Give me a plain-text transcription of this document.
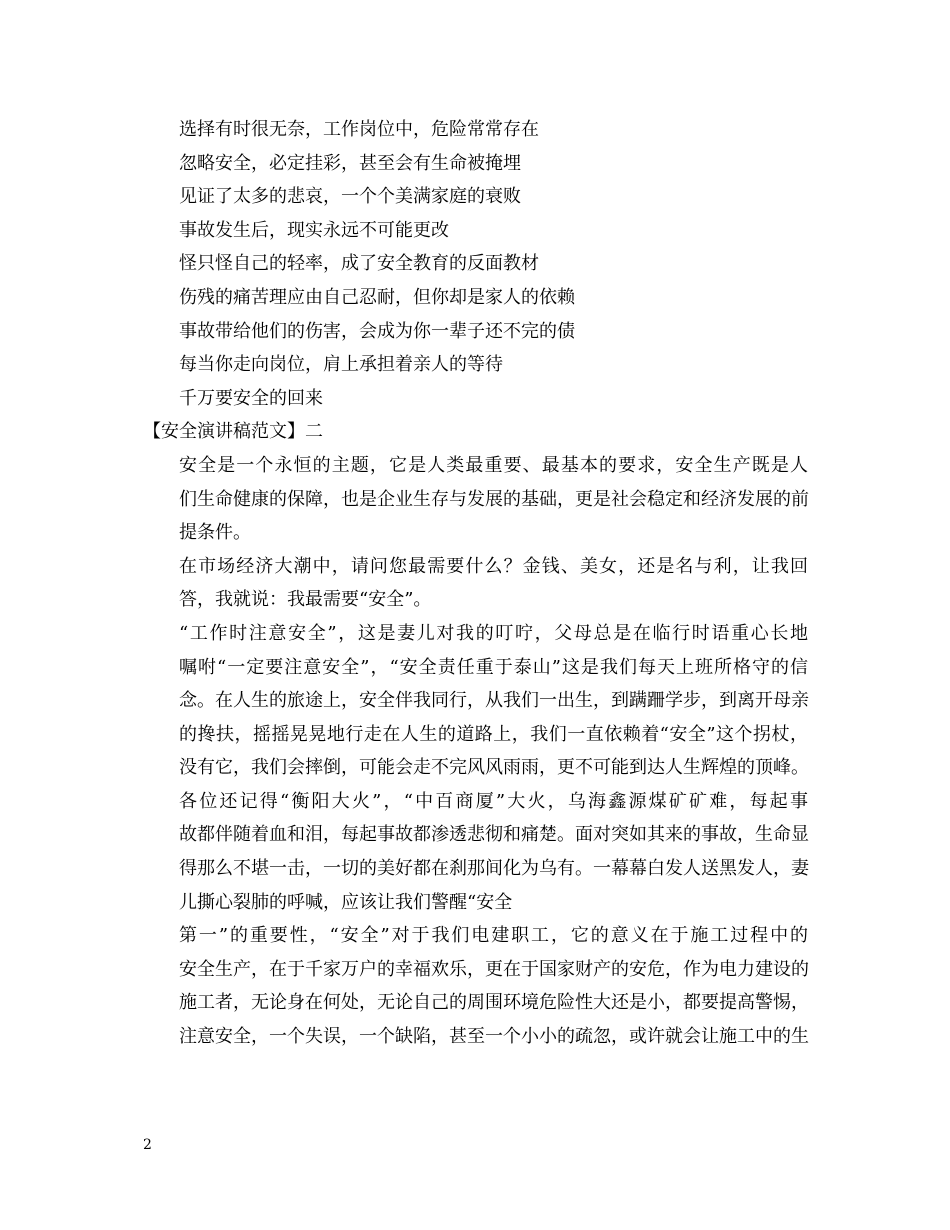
选择有时很无奈，工作岗位中，危险常常存在
忽略安全，必定挂彩，甚至会有生命被掩埋
见证了太多的悲哀，一个个美满家庭的衰败
事故发生后，现实永远不可能更改
怪只怪自己的轻率，成了安全教育的反面教材
伤残的痛苦理应由自己忍耐，但你却是家人的依赖
事故带给他们的伤害，会成为你一辈子还不完的债
每当你走向岗位，肩上承担着亲人的等待
千万要安全的回来
【安全演讲稿范文】二
安全是一个永恒的主题，它是人类最重要、最基本的要求，安全生产既是人
们生命健康的保障，也是企业生存与发展的基础，更是社会稳定和经济发展的前
提条件。
在市场经济大潮中，请问您最需要什么？金钱、美女，还是名与利，让我回
答，我就说：我最需要“安全”。
“工作时注意安全”，这是妻儿对我的叮咛，父母总是在临行时语重心长地
嘱咐“一定要注意安全”，“安全责任重于泰山”这是我们每天上班所格守的信
念。在人生的旅途上，安全伴我同行，从我们一出生，到蹒跚学步，到离开母亲
的搀扶，摇摇晃晃地行走在人生的道路上，我们一直依赖着“安全”这个拐杖，
没有它，我们会摔倒，可能会走不完风风雨雨，更不可能到达人生辉煌的顶峰。
各位还记得“衡阳大火”，“中百商厦”大火，乌海鑫源煤矿矿难，每起事
故都伴随着血和泪，每起事故都渗透悲彻和痛楚。面对突如其来的事故，生命显
得那么不堪一击，一切的美好都在刹那间化为乌有。一幕幕白发人送黑发人，妻
儿撕心裂肺的呼喊，应该让我们警醒“安全
第一”的重要性，“安全”对于我们电建职工，它的意义在于施工过程中的
安全生产，在于千家万户的幸福欢乐，更在于国家财产的安危，作为电力建设的
施工者，无论身在何处，无论自己的周围环境危险性大还是小，都要提高警惕，
注意安全，一个失误，一个缺陷，甚至一个小小的疏忽，或许就会让施工中的生
2
